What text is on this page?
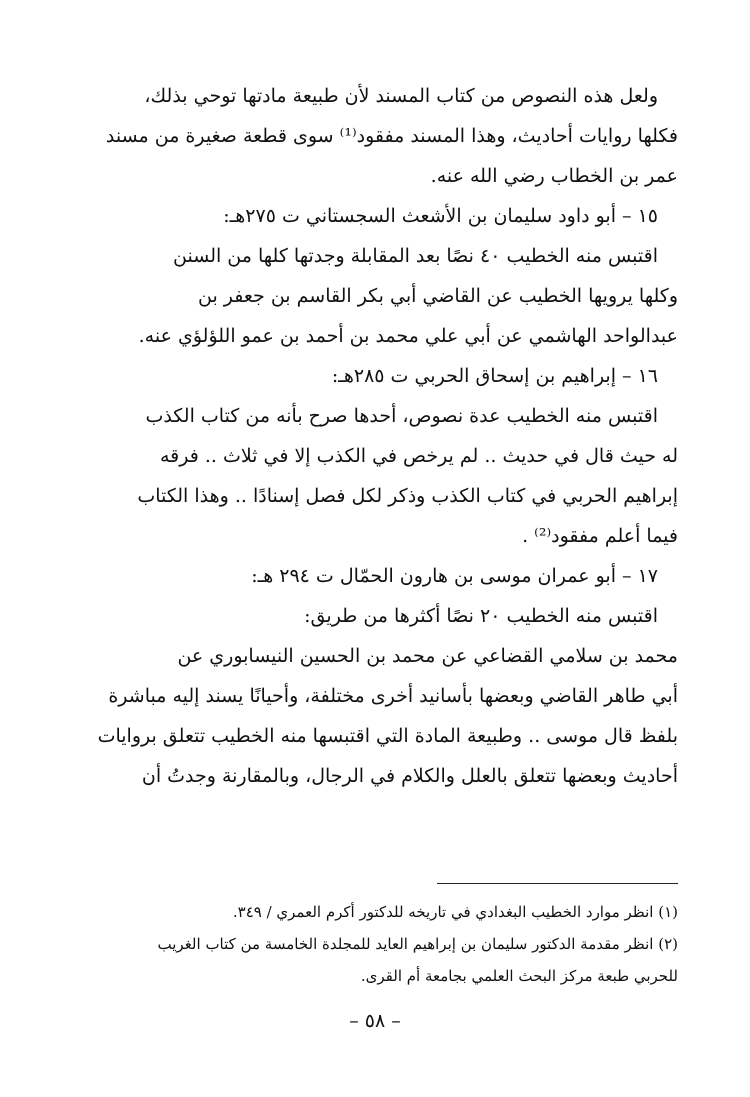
ولعل هذه النصوص من كتاب المسند لأن طبيعة مادتها توحي بذلك،
فكلها روايات أحاديث، وهذا المسند مفقود⁽¹⁾ سوى قطعة صغيرة من مسند
عمر بن الخطاب رضي الله عنه.
١٥ – أبو داود سليمان بن الأشعث السجستاني ت ٢٧٥هـ:
اقتبس منه الخطيب ٤٠ نصًا بعد المقابلة وجدتها كلها من السنن
وكلها يرويها الخطيب عن القاضي أبي بكر القاسم بن جعفر بن
عبدالواحد الهاشمي عن أبي علي محمد بن أحمد بن عمو اللؤلؤي عنه.
١٦ – إبراهيم بن إسحاق الحربي ت ٢٨٥هـ:
اقتبس منه الخطيب عدة نصوص، أحدها صرح بأنه من كتاب الكذب
له حيث قال في حديث .. لم يرخص في الكذب إلا في ثلاث .. فرقه
إبراهيم الحربي في كتاب الكذب وذكر لكل فصل إسنادًا .. وهذا الكتاب
فيما أعلم مفقود⁽²⁾ .
١٧ – أبو عمران موسى بن هارون الحمّال ت ٢٩٤ هـ:
اقتبس منه الخطيب ٢٠ نصًا أكثرها من طريق:
محمد بن سلامي القضاعي عن محمد بن الحسين النيسابوري عن
أبي طاهر القاضي وبعضها بأسانيد أخرى مختلفة، وأحيانًا يسند إليه مباشرة
بلفظ قال موسى .. وطبيعة المادة التي اقتبسها منه الخطيب تتعلق بروايات
أحاديث وبعضها تتعلق بالعلل والكلام في الرجال، وبالمقارنة وجدتُ أن
(١) انظر موارد الخطيب البغدادي في تاريخه للدكتور أكرم العمري / ٣٤٩.
(٢) انظر مقدمة الدكتور سليمان بن إبراهيم العايد للمجلدة الخامسة من كتاب الغريب
للحربي طبعة مركز البحث العلمي بجامعة أم القرى.
– ٥٨ –
